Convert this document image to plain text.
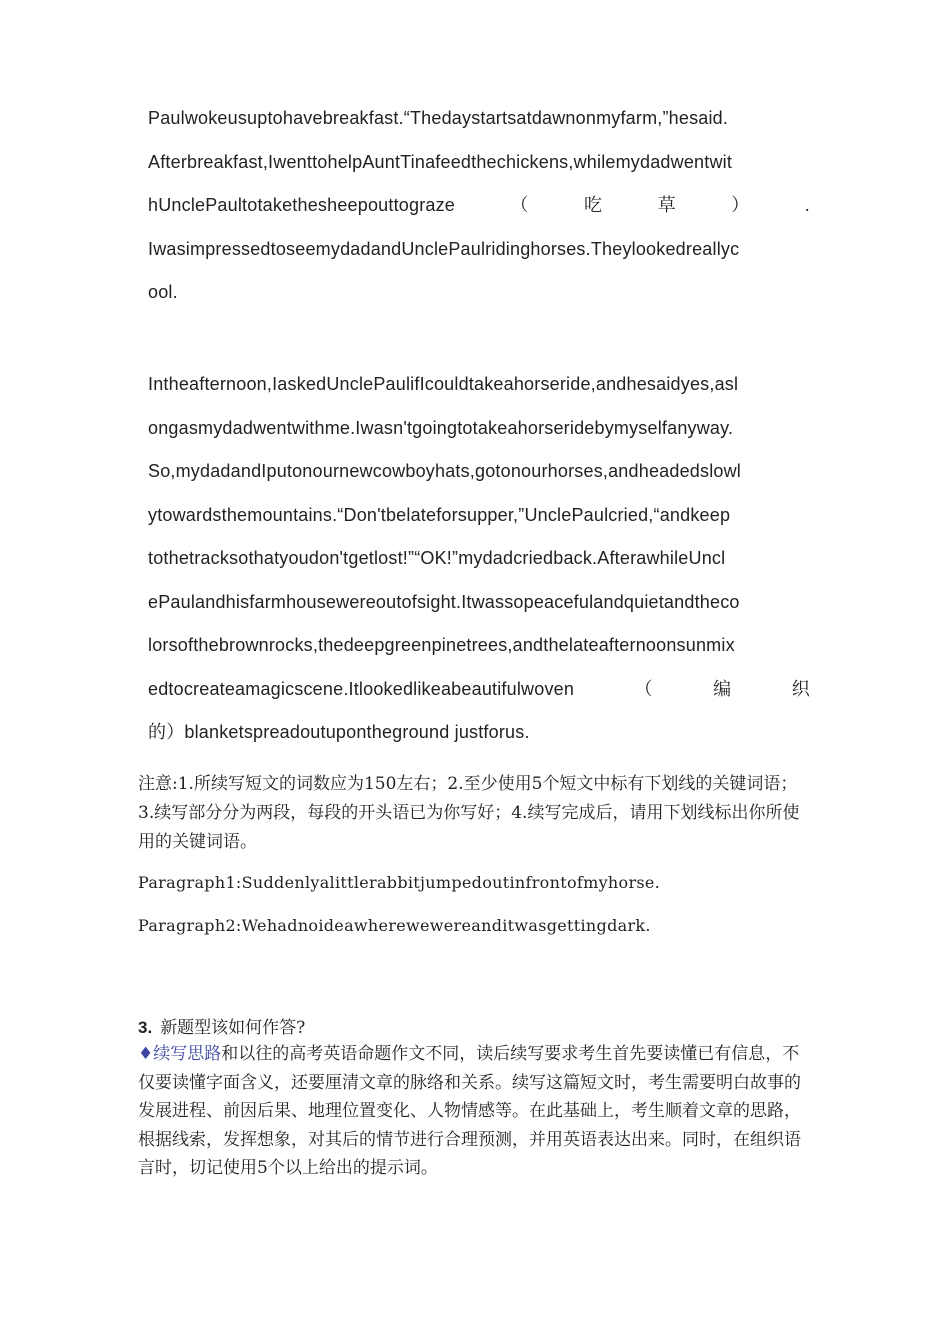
Paulwokeusuptohavebreakfast.“Thedaystartsatdawnonmyfarm,”hesaid.
Afterbreakfast,IwenttohelpAuntTinafeedthechickens,whilemydadwentwit
hUnclePaultotakethesheepouttograze	（	吃	草	）	.
IwasimpressedtoseemydadandUnclePaulridinghorses.Theylookedreallyc
ool.
Intheafternoon,IaskedUnclePaulifIcouldtakeahorseride,andhesaidyes,asl
ongasmydadwentwithme.Iwasn'tgoingtotakeahorseridebymyselfanyway.
So,mydadandIputonournewcowboyhats,gotonourhorses,andheadedslowl
ytowardsthemountains.“Don'tbelateforsupper,”UnclePaulcried,“andkeep
tothetracksothatyoudon'tgetlost!”“OK!”mydadcriedback.AfterawhileUncl
ePaulandhisfarmhousewereoutofsight.Itwassopeacefulandquietandtheco
lorsofthebrownrocks,thedeepgreenpinetrees,andthelateafternoonsunmix
edtocreateamagicscene.Itlookedlikeabeautifulwoven	（	编	织
的）blanketspreadoutupontheground justforus.
注意:1.所续写短文的词数应为150左右；2.至少使用5个短文中标有下划线的关键词语；3.续写部分分为两段，每段的开头语已为你写好；4.续写完成后，请用下划线标出你所使用的关键词语。
Paragraph1:Suddenlyalittlerabbitjumpedoutinfrontofmyhorse.
Paragraph2:Wehadnoideawherewewereanditwasgettingdark.
3. 新题型该如何作答?
♦续写思路和以往的高考英语命题作文不同，读后续写要求考生首先要读懂已有信息，不仅要读懂字面含义，还要厘清文章的脉络和关系。续写这篇短文时，考生需要明白故事的发展进程、前因后果、地理位置变化、人物情感等。在此基础上，考生顺着文章的思路，根据线索，发挥想象，对其后的情节进行合理预测，并用英语表达出来。同时，在组织语言时，切记使用5个以上给出的提示词。
